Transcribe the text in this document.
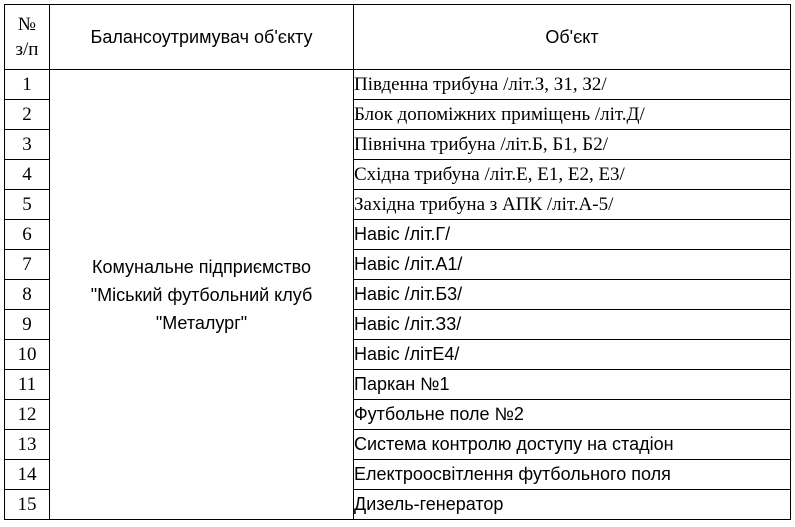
№
з/п	Балансоутримувач об'єкту	Об'єкт
1	Комунальне підприємство
"Міський футбольний клуб
"Металург"	Південна трибуна /літ.З, З1, З2/
2		Блок допоміжних приміщень /літ.Д/
3		Північна трибуна /літ.Б, Б1, Б2/
4		Східна трибуна /літ.Е, Е1, Е2, Е3/
5		Західна трибуна з АПК /літ.А-5/
6		Навіс /літ.Г/
7		Навіс /літ.А1/
8		Навіс /літ.Б3/
9		Навіс /літ.З3/
10		Навіс /літЕ4/
11		Паркан №1
12		Футбольне поле №2
13		Система контролю доступу на стадіон
14		Електроосвітлення футбольного поля
15		Дизель-генератор
